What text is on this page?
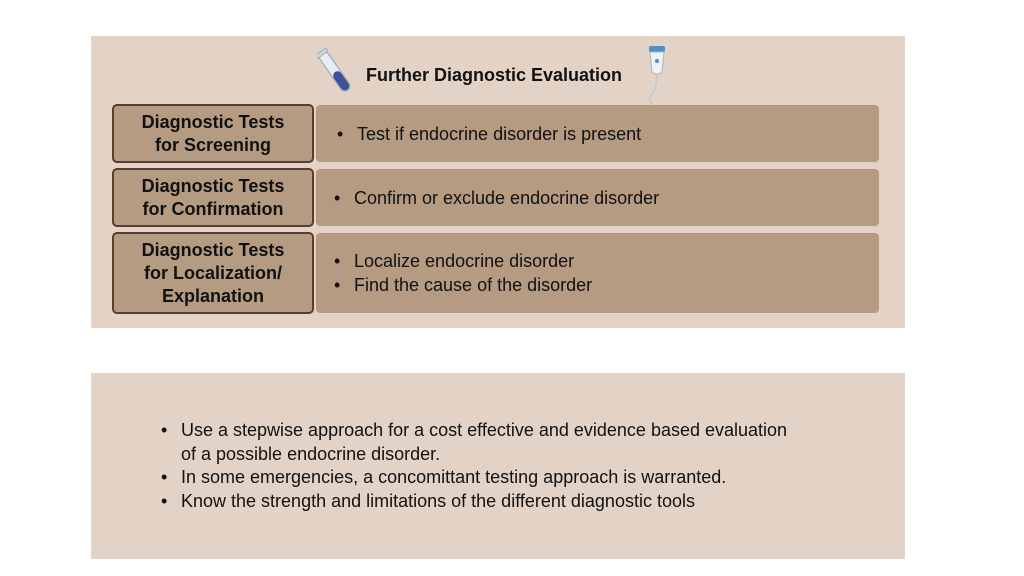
Further Diagnostic Evaluation
Diagnostic Tests
for Screening
• Test if endocrine disorder is present
Diagnostic Tests
for Confirmation
• Confirm or exclude endocrine disorder
Diagnostic Tests
for Localization/
Explanation
• Localize endocrine disorder
• Find the cause of the disorder
• Use a stepwise approach for a cost effective and evidence based evaluation of a possible endocrine disorder.
• In some emergencies, a concomittant testing approach is warranted.
• Know the strength and limitations of the different diagnostic tools
